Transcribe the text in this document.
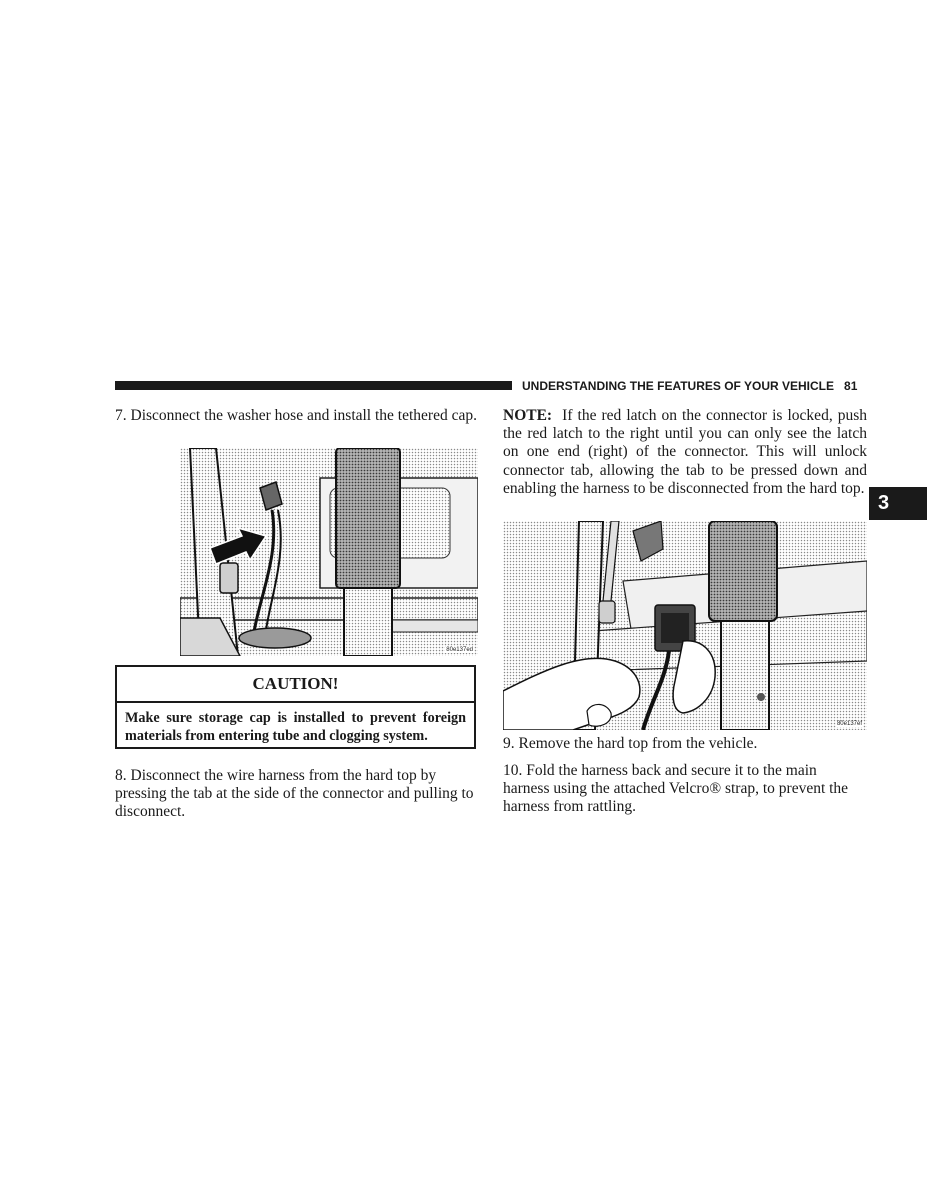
UNDERSTANDING THE FEATURES OF YOUR VEHICLE 81
3

7. Disconnect the washer hose and install the tethered cap.

80e137ed
CAUTION!
Make sure storage cap is installed to prevent foreign materials from entering tube and clogging system.

8. Disconnect the wire harness from the hard top by pressing the tab at the side of the connector and pulling to disconnect.

NOTE: If the red latch on the connector is locked, push the red latch to the right until you can only see the latch on one end (right) of the connector. This will unlock connector tab, allowing the tab to be pressed down and enabling the harness to be disconnected from the hard top.

80e137ef

9. Remove the hard top from the vehicle.

10. Fold the harness back and secure it to the main harness using the attached Velcro® strap, to prevent the harness from rattling.
